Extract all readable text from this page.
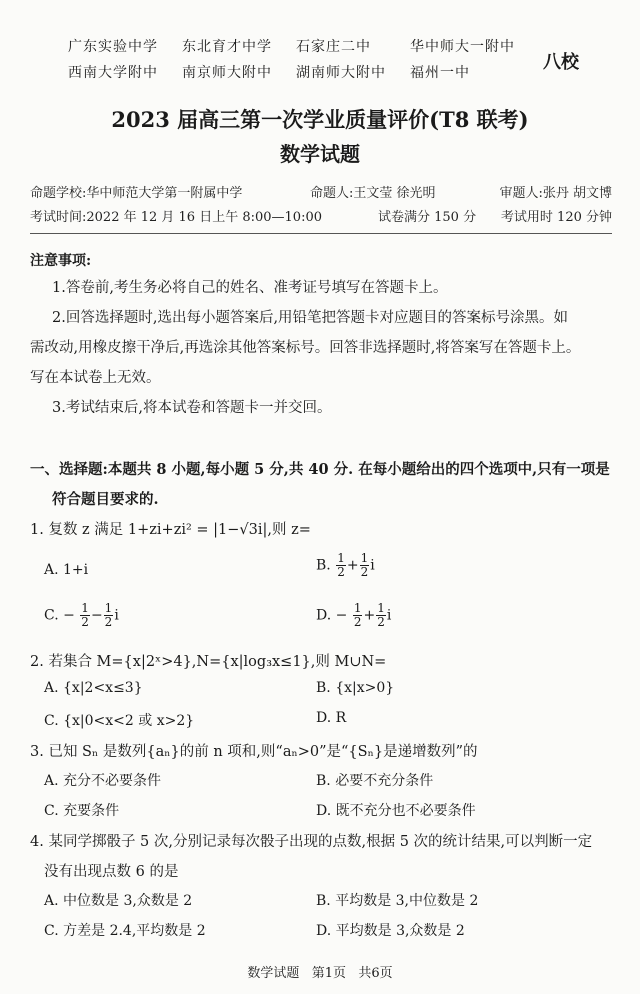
广东实验中学 东北育才中学 石家庄二中	华中师大一附中
西南大学附中 南京师大附中 湖南师大附中 福州一中	八校
2023 届高三第一次学业质量评价(T8 联考)
数学试题
命题学校:华中师范大学第一附属中学	命题人:王文莹 徐光明	审题人:张丹 胡文博
考试时间:2022 年 12 月 16 日上午 8:00—10:00	试卷满分 150 分 考试用时 120 分钟
注意事项:
1.答卷前,考生务必将自己的姓名、准考证号填写在答题卡上。
2.回答选择题时,选出每小题答案后,用铅笔把答题卡对应题目的答案标号涂黑。如
需改动,用橡皮擦干净后,再选涂其他答案标号。回答非选择题时,将答案写在答题卡上。
写在本试卷上无效。
3.考试结束后,将本试卷和答题卡一并交回。
一、选择题:本题共 8 小题,每小题 5 分,共 40 分. 在每小题给出的四个选项中,只有一项是
符合题目要求的.
1. 复数 z 满足 1+zi+zi² = |1−√3i|,则 z=
A. 1+i	B. $\frac{1}{2} + \frac{1}{2}$ i
C. − $\frac{1}{2} - \frac{1}{2}$ i	D. − $\frac{1}{2} + \frac{1}{2}$ i
2. 若集合 M={x|2ˣ>4},N={x|log₃x≤1},则 M∪N=
A. {x|2<x≤3}	B. {x|x>0}
C. {x|0<x<2 或 x>2}	D. R
3. 已知 Sₙ 是数列{aₙ}的前 n 项和,则“aₙ>0”是“{Sₙ}是递增数列”的
A. 充分不必要条件	B. 必要不充分条件
C. 充要条件	D. 既不充分也不必要条件
4. 某同学掷骰子 5 次,分别记录每次骰子出现的点数,根据 5 次的统计结果,可以判断一定
没有出现点数 6 的是
A. 中位数是 3,众数是 2	B. 平均数是 3,中位数是 2
C. 方差是 2.4,平均数是 2	D. 平均数是 3,众数是 2
数学试题   第1页   共6页
